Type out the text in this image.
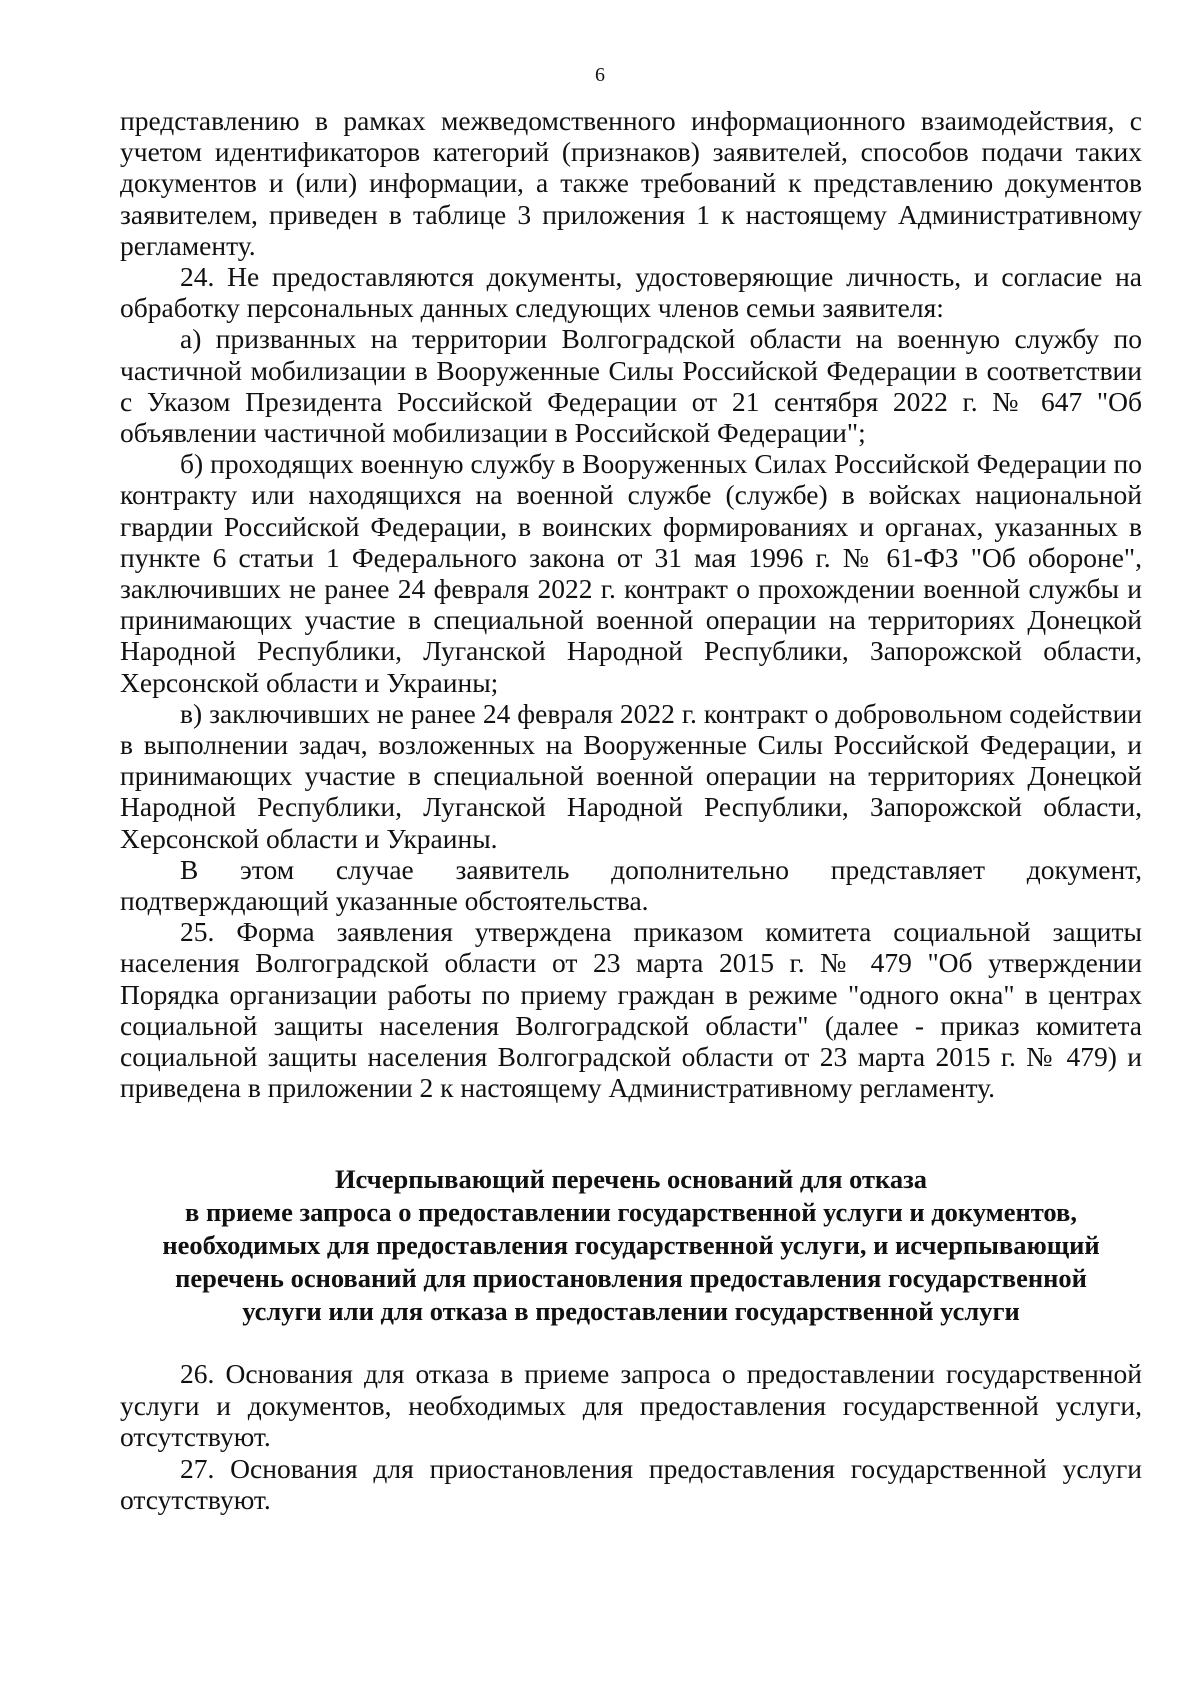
6

представлению в рамках межведомственного информационного взаимодействия, с учетом идентификаторов категорий (признаков) заявителей, способов подачи таких документов и (или) информации, а также требований к представлению документов заявителем, приведен в таблице 3 приложения 1 к настоящему Административному регламенту.

24. Не предоставляются документы, удостоверяющие личность, и согласие на обработку персональных данных следующих членов семьи заявителя:

а) призванных на территории Волгоградской области на военную службу по частичной мобилизации в Вооруженные Силы Российской Федерации в соответствии с Указом Президента Российской Федерации от 21 сентября 2022 г. № 647 "Об объявлении частичной мобилизации в Российской Федерации";

б) проходящих военную службу в Вооруженных Силах Российской Федерации по контракту или находящихся на военной службе (службе) в войсках национальной гвардии Российской Федерации, в воинских формированиях и органах, указанных в пункте 6 статьи 1 Федерального закона от 31 мая 1996 г. № 61-ФЗ "Об обороне", заключивших не ранее 24 февраля 2022 г. контракт о прохождении военной службы и принимающих участие в специальной военной операции на территориях Донецкой Народной Республики, Луганской Народной Республики, Запорожской области, Херсонской области и Украины;

в) заключивших не ранее 24 февраля 2022 г. контракт о добровольном содействии в выполнении задач, возложенных на Вооруженные Силы Российской Федерации, и принимающих участие в специальной военной операции на территориях Донецкой Народной Республики, Луганской Народной Республики, Запорожской области, Херсонской области и Украины.

В этом случае заявитель дополнительно представляет документ, подтверждающий указанные обстоятельства.

25. Форма заявления утверждена приказом комитета социальной защиты населения Волгоградской области от 23 марта 2015 г. № 479 "Об утверждении Порядка организации работы по приему граждан в режиме "одного окна" в центрах социальной защиты населения Волгоградской области" (далее - приказ комитета социальной защиты населения Волгоградской области от 23 марта 2015 г. № 479) и приведена в приложении 2 к настоящему Административному регламенту.

Исчерпывающий перечень оснований для отказа

в приеме запроса о предоставлении государственной услуги и документов,

необходимых для предоставления государственной услуги, и исчерпывающий

перечень оснований для приостановления предоставления государственной

услуги или для отказа в предоставлении государственной услуги

26. Основания для отказа в приеме запроса о предоставлении государственной услуги и документов, необходимых для предоставления государственной услуги, отсутствуют.

27. Основания для приостановления предоставления государственной услуги отсутствуют.
